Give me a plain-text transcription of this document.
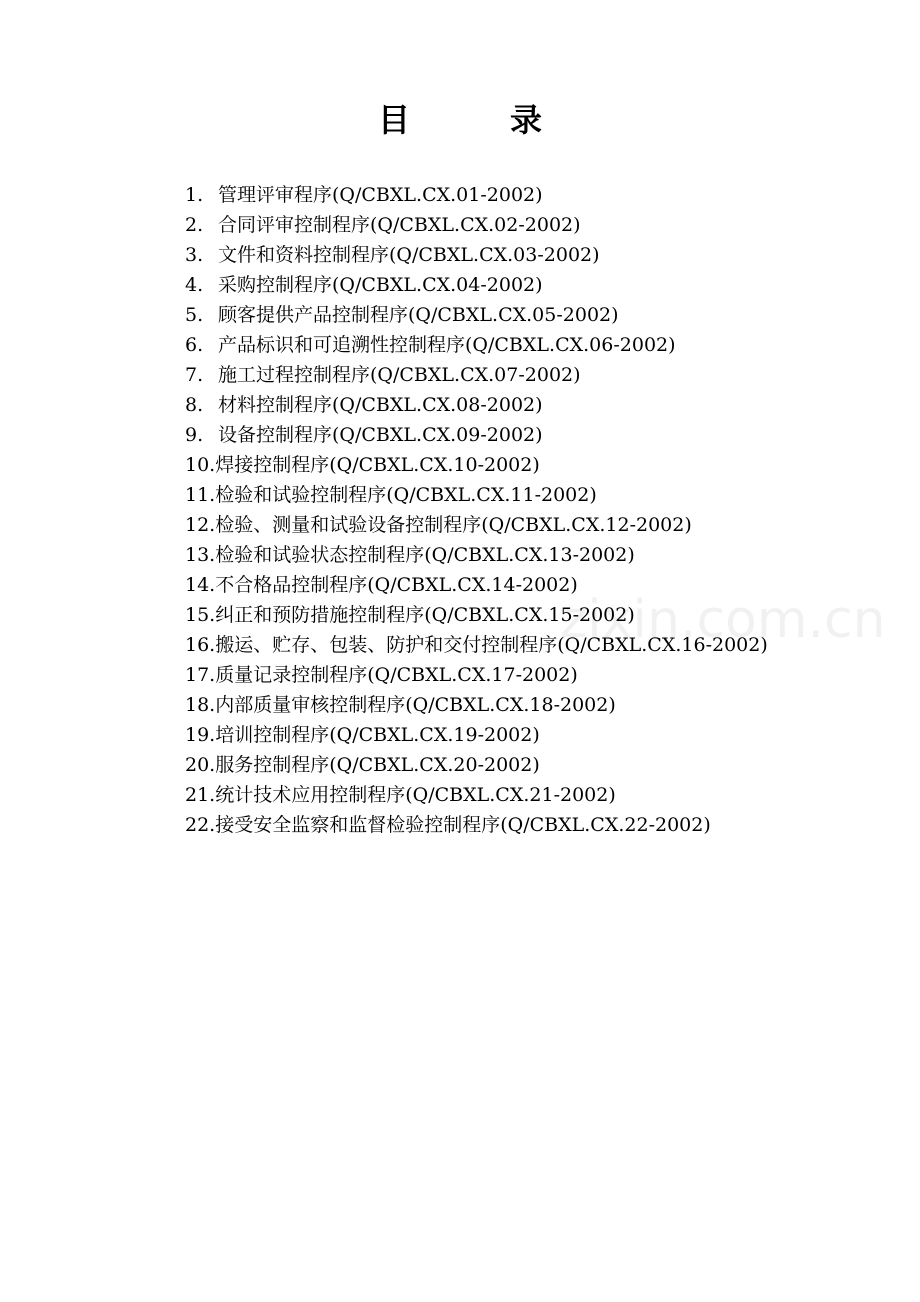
目	录
1. 管理评审程序(Q/CBXL.CX.01-2002)
2. 合同评审控制程序(Q/CBXL.CX.02-2002)
3. 文件和资料控制程序(Q/CBXL.CX.03-2002)
4. 采购控制程序(Q/CBXL.CX.04-2002)
5. 顾客提供产品控制程序(Q/CBXL.CX.05-2002)
6. 产品标识和可追溯性控制程序(Q/CBXL.CX.06-2002)
7. 施工过程控制程序(Q/CBXL.CX.07-2002)
8. 材料控制程序(Q/CBXL.CX.08-2002)
9. 设备控制程序(Q/CBXL.CX.09-2002)
10.焊接控制程序(Q/CBXL.CX.10-2002)
11.检验和试验控制程序(Q/CBXL.CX.11-2002)
12.检验、测量和试验设备控制程序(Q/CBXL.CX.12-2002)
13.检验和试验状态控制程序(Q/CBXL.CX.13-2002)
14.不合格品控制程序(Q/CBXL.CX.14-2002)
15.纠正和预防措施控制程序(Q/CBXL.CX.15-2002)
16.搬运、贮存、包装、防护和交付控制程序(Q/CBXL.CX.16-2002)
17.质量记录控制程序(Q/CBXL.CX.17-2002)
18.内部质量审核控制程序(Q/CBXL.CX.18-2002)
19.培训控制程序(Q/CBXL.CX.19-2002)
20.服务控制程序(Q/CBXL.CX.20-2002)
21.统计技术应用控制程序(Q/CBXL.CX.21-2002)
22.接受安全监察和监督检验控制程序(Q/CBXL.CX.22-2002)
zixin.com.cn
